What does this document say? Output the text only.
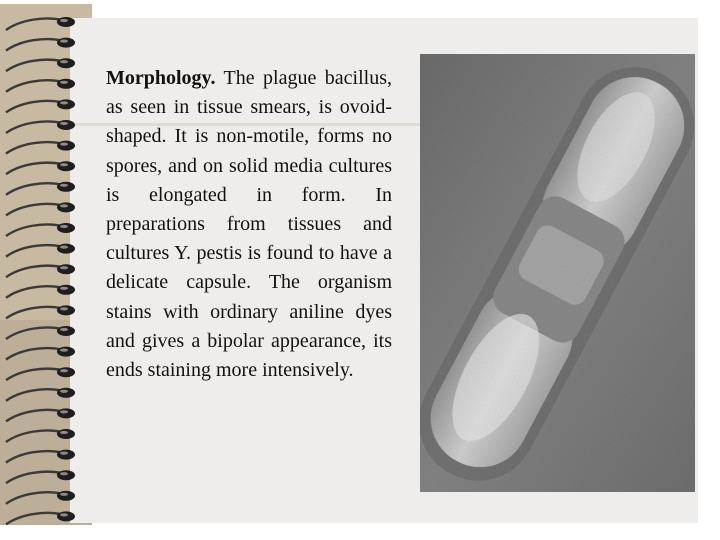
Morphology. The plague bacillus, as seen in tissue smears, is ovoid-shaped. It is non-motile, forms no spores, and on solid media cultures is elongated in form. In preparations from tissues and cultures Y. pestis is found to have a delicate capsule. The organism stains with ordinary aniline dyes and gives a bipolar appearance, its ends staining more intensively.
